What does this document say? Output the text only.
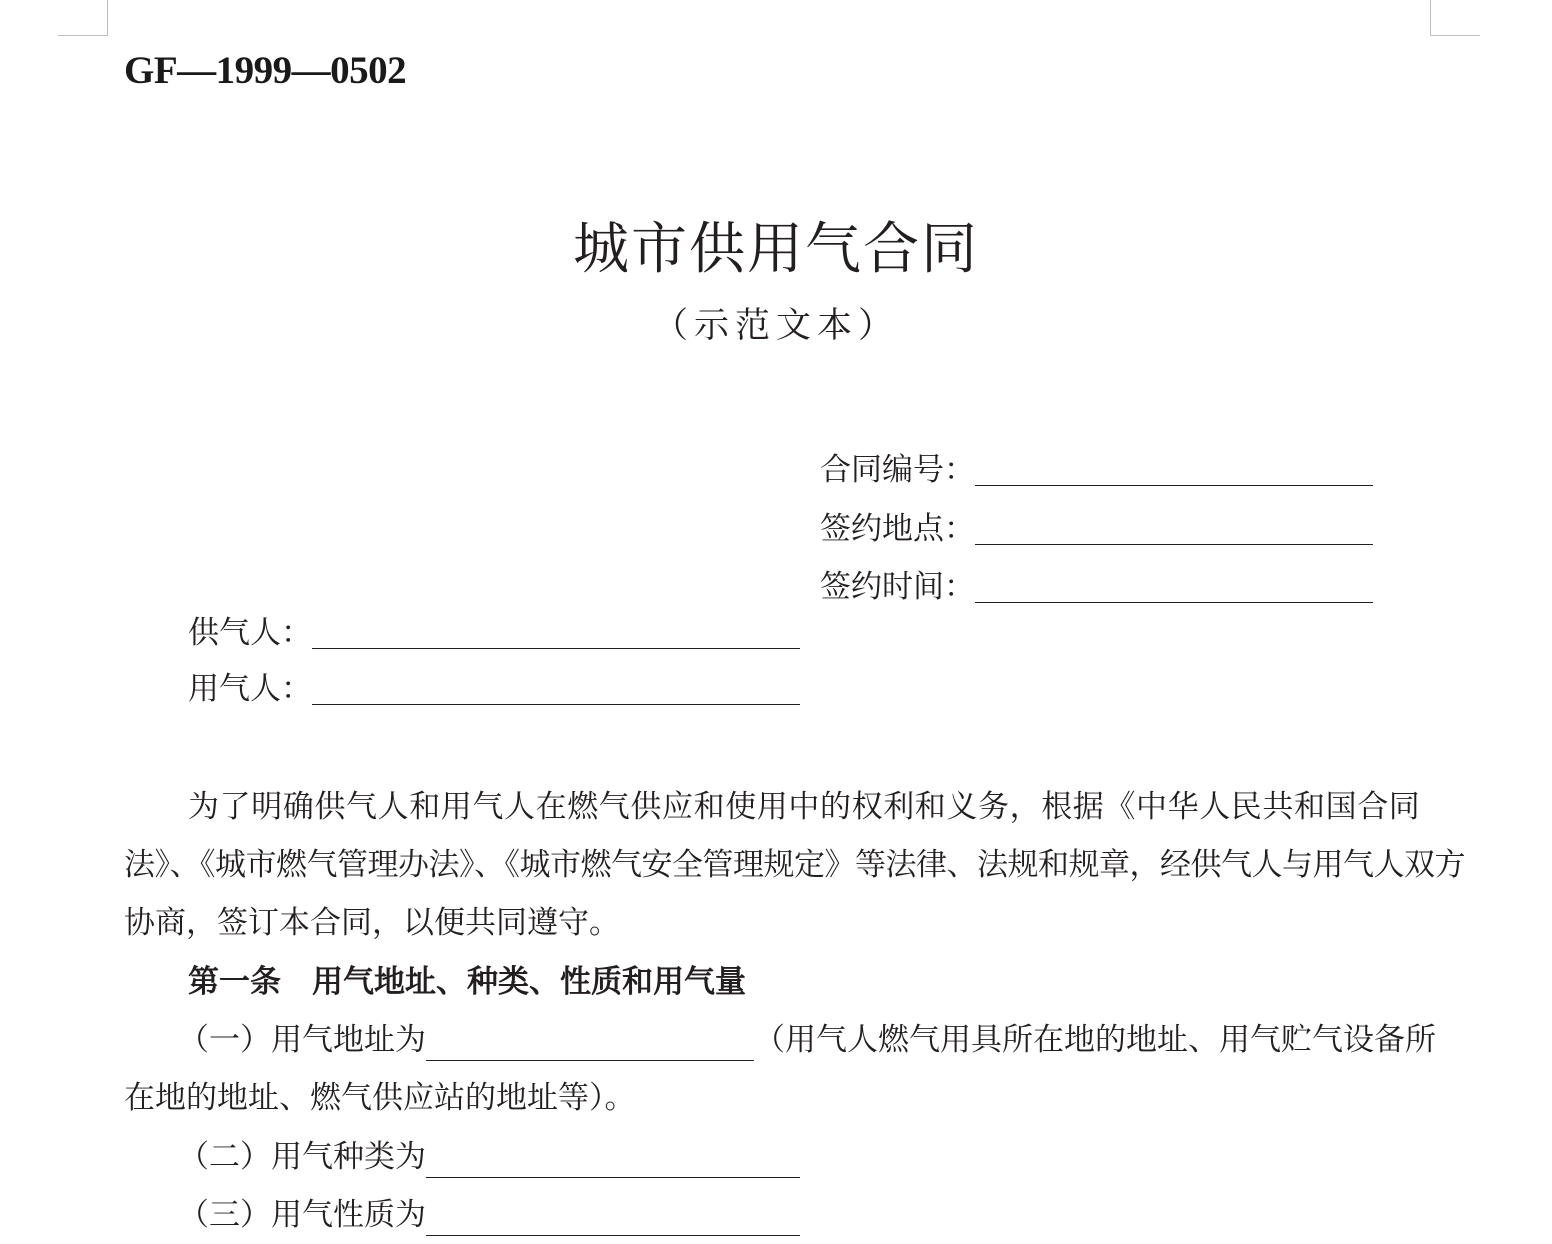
GF—1999—0502
城市供用气合同
（示范文本）
合同编号：
签约地点：
签约时间：
供气人：
用气人：
为了明确供气人和用气人在燃气供应和使用中的权利和义务，根据《中华人民共和国合同
法》、《城市燃气管理办法》、《城市燃气安全管理规定》等法律、法规和规章，经供气人与用气人双方
协商，签订本合同，以便共同遵守。
第一条　用气地址、种类、性质和用气量
（一）用气地址为	（用气人燃气用具所在地的地址、用气贮气设备所
在地的地址、燃气供应站的地址等）。
（二）用气种类为
（三）用气性质为
